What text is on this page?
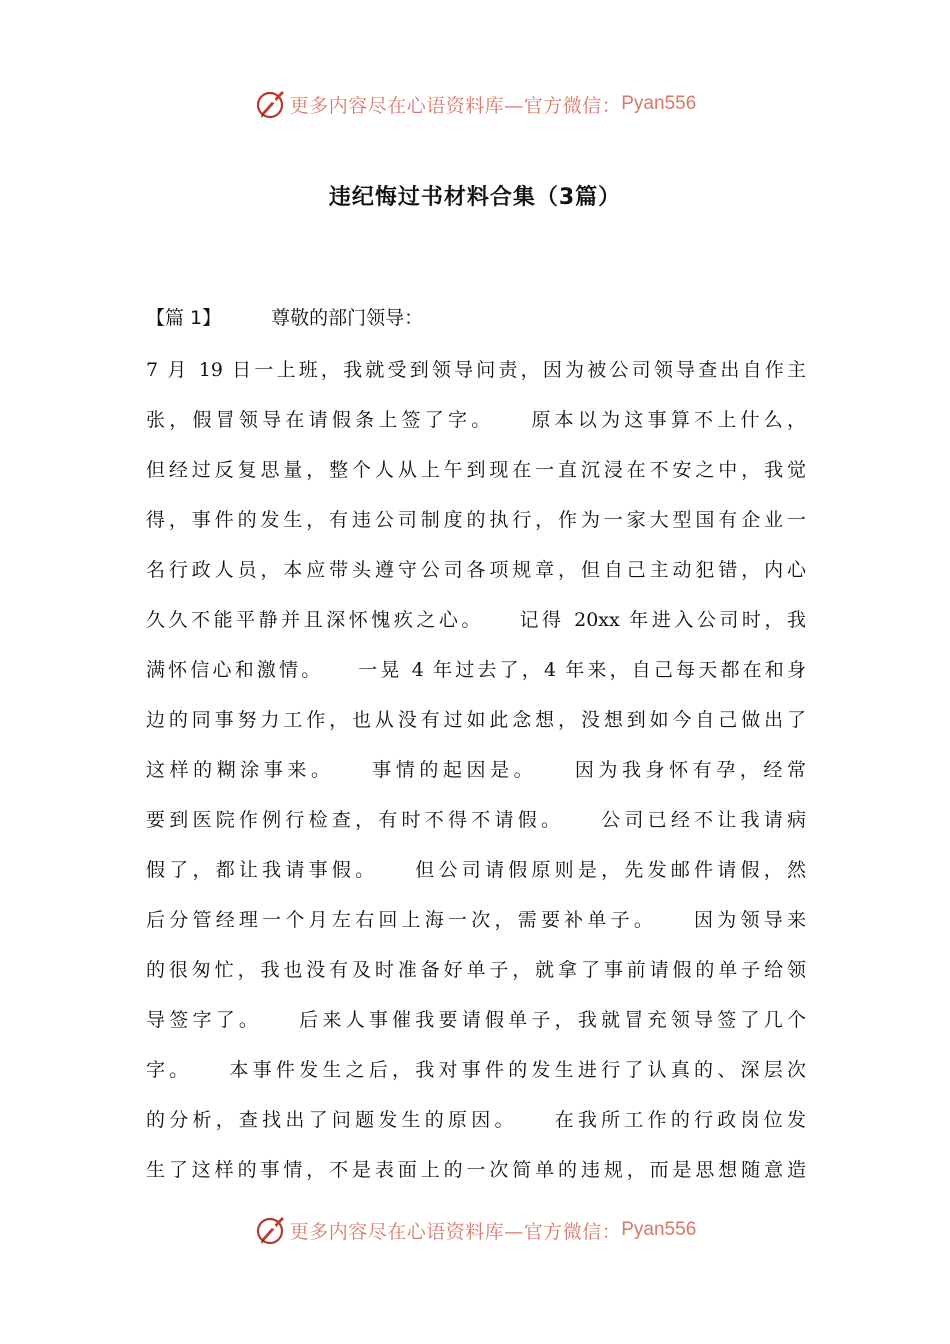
更多内容尽在心语资料库—官方微信： Pyan556
违纪悔过书材料合集（3篇）
【篇 1】	尊敬的部门领导：
7 月 19 日一上班，我就受到领导问责，因为被公司领导查出自作主
张，假冒领导在请假条上签了字。　　原本以为这事算不上什么，
但经过反复思量，整个人从上午到现在一直沉浸在不安之中，我觉
得，事件的发生，有违公司制度的执行，作为一家大型国有企业一
名行政人员，本应带头遵守公司各项规章，但自己主动犯错，内心
久久不能平静并且深怀愧疚之心。　　记得 20xx 年进入公司时，我
满怀信心和激情。　　一晃 4 年过去了，4 年来，自己每天都在和身
边的同事努力工作，也从没有过如此念想，没想到如今自己做出了
这样的糊涂事来。　　事情的起因是。　　因为我身怀有孕，经常
要到医院作例行检查，有时不得不请假。　　公司已经不让我请病
假了，都让我请事假。　　但公司请假原则是，先发邮件请假，然
后分管经理一个月左右回上海一次，需要补单子。　　因为领导来
的很匆忙，我也没有及时准备好单子，就拿了事前请假的单子给领
导签字了。　　后来人事催我要请假单子，我就冒充领导签了几个
字。　　本事件发生之后，我对事件的发生进行了认真的、深层次
的分析，查找出了问题发生的原因。　　在我所工作的行政岗位发
生了这样的事情，不是表面上的一次简单的违规，而是思想随意造
更多内容尽在心语资料库—官方微信： Pyan556
